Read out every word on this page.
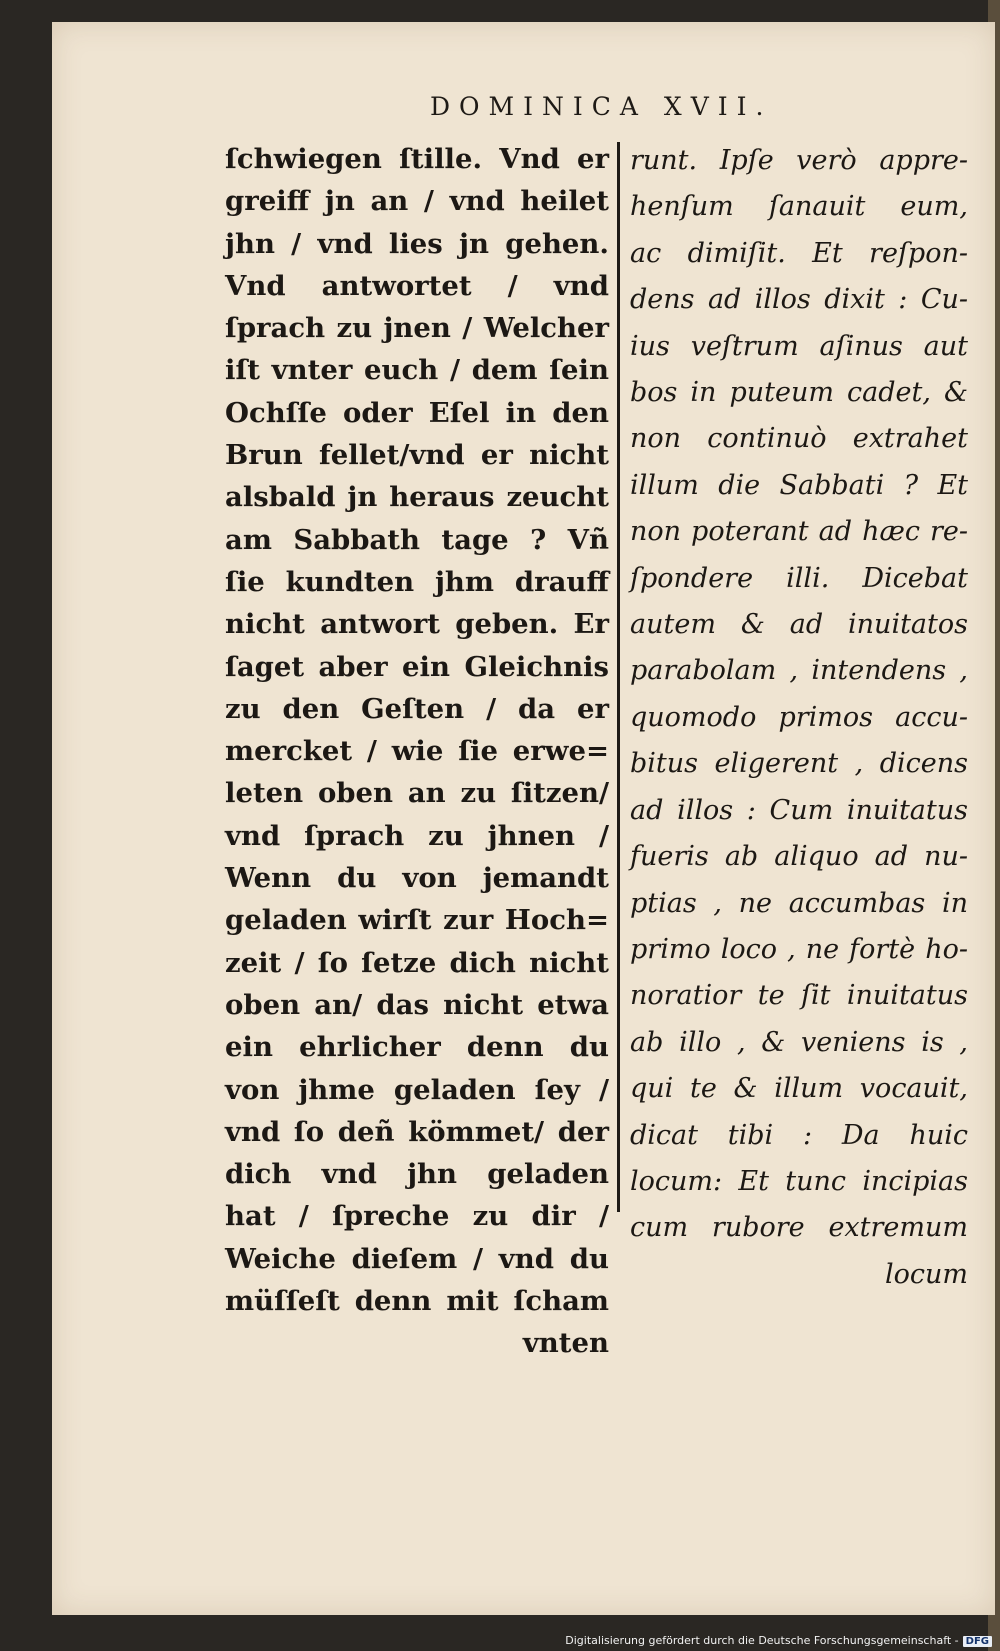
DOMINICA XVII.
ſchwiegen ſtille. Vnd er
greiff jn an / vnd heilet
jhn / vnd lies jn gehen.
Vnd antwortet / vnd
ſprach zu jnen / Welcher
iſt vnter euch / dem ſein
Ochſſe oder Eſel in den
Brun fellet/vnd er nicht
alsbald jn heraus zeucht
am Sabbath tage ? Vñ
ſie kundten jhm drauff
nicht antwort geben. Er
ſaget aber ein Gleichnis
zu den Geſten / da er
mercket / wie ſie erwe=
leten oben an zu ſitzen/
vnd ſprach zu jhnen /
Wenn du von jemandt
geladen wirſt zur Hoch=
zeit / ſo ſetze dich nicht
oben an/ das nicht etwa
ein ehrlicher denn du
von jhme geladen ſey /
vnd ſo deñ kömmet/ der
dich vnd jhn geladen
hat / ſpreche zu dir /
Weiche dieſem / vnd du
müſſeſt denn mit ſcham
vnten
runt. Ipſe verò appre-
henſum ſanauit eum,
ac dimiſit. Et reſpon-
dens ad illos dixit : Cu-
ius veſtrum aſinus aut
bos in puteum cadet, &
non continuò extrahet
illum die Sabbati ? Et
non poterant ad hæc re-
ſpondere illi. Dicebat
autem & ad inuitatos
parabolam , intendens ,
quomodo primos accu-
bitus eligerent , dicens
ad illos : Cum inuitatus
fueris ab aliquo ad nu-
ptias , ne accumbas in
primo loco , ne fortè ho-
noratior te ſit inuitatus
ab illo , & veniens is ,
qui te & illum vocauit,
dicat tibi : Da huic
locum: Et tunc incipias
cum rubore extremum
locum
Digitalisierung gefördert durch die Deutsche Forschungsgemeinschaft - DFG
